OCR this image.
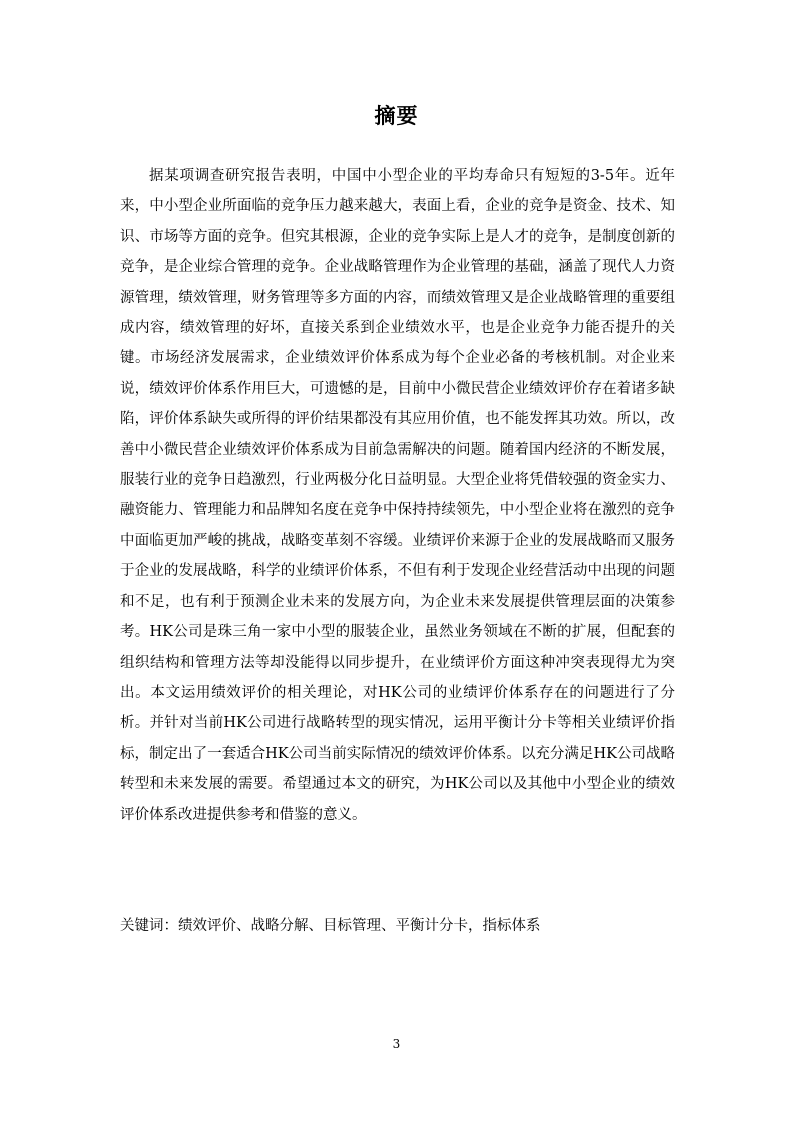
摘要

据某项调查研究报告表明，中国中小型企业的平均寿命只有短短的3-5年。近年来，中小型企业所面临的竞争压力越来越大，表面上看，企业的竞争是资金、技术、知识、市场等方面的竞争。但究其根源，企业的竞争实际上是人才的竞争，是制度创新的竞争，是企业综合管理的竞争。企业战略管理作为企业管理的基础，涵盖了现代人力资源管理，绩效管理，财务管理等多方面的内容，而绩效管理又是企业战略管理的重要组成内容，绩效管理的好坏，直接关系到企业绩效水平，也是企业竞争力能否提升的关键。市场经济发展需求，企业绩效评价体系成为每个企业必备的考核机制。对企业来说，绩效评价体系作用巨大，可遗憾的是，目前中小微民营企业绩效评价存在着诸多缺陷，评价体系缺失或所得的评价结果都没有其应用价值，也不能发挥其功效。所以，改善中小微民营企业绩效评价体系成为目前急需解决的问题。随着国内经济的不断发展，服装行业的竞争日趋激烈，行业两极分化日益明显。大型企业将凭借较强的资金实力、融资能力、管理能力和品牌知名度在竞争中保持持续领先，中小型企业将在激烈的竞争中面临更加严峻的挑战，战略变革刻不容缓。业绩评价来源于企业的发展战略而又服务于企业的发展战略，科学的业绩评价体系，不但有利于发现企业经营活动中出现的问题和不足，也有利于预测企业未来的发展方向，为企业未来发展提供管理层面的决策参考。HK公司是珠三角一家中小型的服装企业，虽然业务领域在不断的扩展，但配套的组织结构和管理方法等却没能得以同步提升，在业绩评价方面这种冲突表现得尤为突出。本文运用绩效评价的相关理论，对HK公司的业绩评价体系存在的问题进行了分析。并针对当前HK公司进行战略转型的现实情况，运用平衡计分卡等相关业绩评价指标，制定出了一套适合HK公司当前实际情况的绩效评价体系。以充分满足HK公司战略转型和未来发展的需要。希望通过本文的研究，为HK公司以及其他中小型企业的绩效评价体系改进提供参考和借鉴的意义。

关键词：绩效评价、战略分解、目标管理、平衡计分卡，指标体系

3
